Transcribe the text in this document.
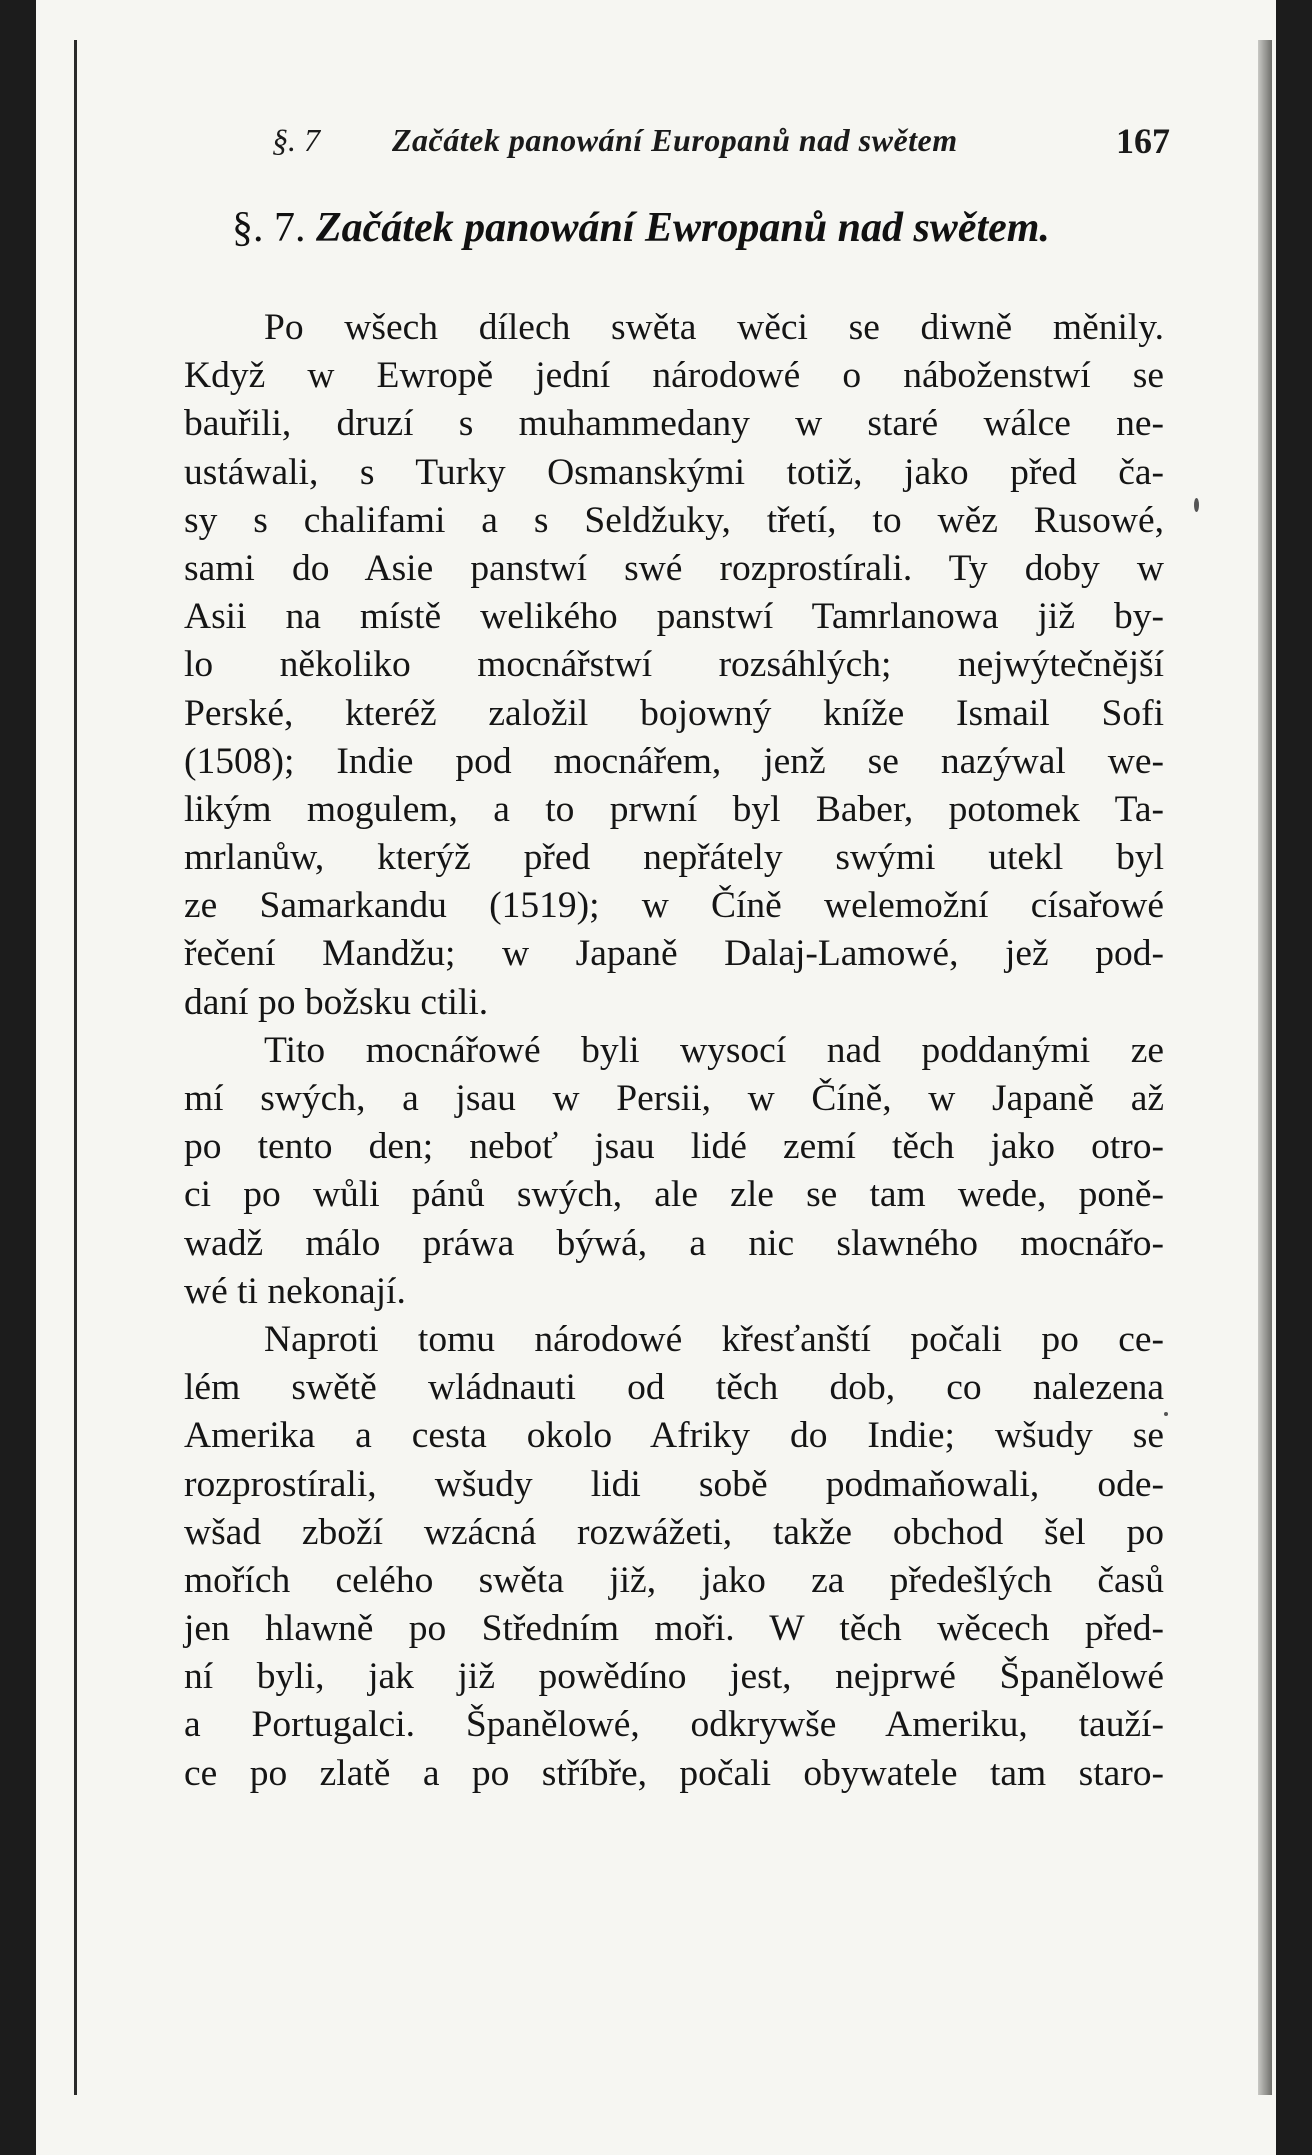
§. 7 Začátek panowání Europanů nad swětem	167
§. 7. Začátek panowání Ewropanů nad swětem.
Po wšech dílech swěta wěci se diwně měnily.
Když w Ewropě jední národowé o náboženstwí se
bauřili, druzí s muhammedany w staré wálce ne-
ustáwali, s Turky Osmanskými totiž, jako před ča-
sy s chalifami a s Seldžuky, třetí, to wěz Rusowé,
sami do Asie panstwí swé rozprostírali. Ty doby w
Asii na místě welikého panstwí Tamrlanowa již by-
lo několiko mocnářstwí rozsáhlých; nejwýtečnější
Perské, kteréž založil bojowný kníže Ismail Sofi
(1508); Indie pod mocnářem, jenž se nazýwal we-
likým mogulem, a to prwní byl Baber, potomek Ta-
mrlanůw, kterýž před nepřátely swými utekl byl
ze Samarkandu (1519); w Číně welemožní císařowé
řečení Mandžu; w Japaně Dalaj-Lamowé, jež pod-
daní po božsku ctili.
Tito mocnářowé byli wysocí nad poddanými ze
mí swých, a jsau w Persii, w Číně, w Japaně až
po tento den; neboť jsau lidé zemí těch jako otro-
ci po wůli pánů swých, ale zle se tam wede, poně-
wadž málo práwa býwá, a nic slawného mocnářo-
wé ti nekonají.
Naproti tomu národowé křesťanští počali po ce-
lém swětě wládnauti od těch dob, co nalezena
Amerika a cesta okolo Afriky do Indie; wšudy se
rozprostírali, wšudy lidi sobě podmaňowali, ode-
wšad zboží wzácná rozwážeti, takže obchod šel po
mořích celého swěta již, jako za předešlých časů
jen hlawně po Středním moři. W těch wěcech před-
ní byli, jak již powědíno jest, nejprwé Španělowé
a Portugalci. Španělowé, odkrywše Ameriku, tauží-
ce po zlatě a po stříbře, počali obywatele tam staro-
